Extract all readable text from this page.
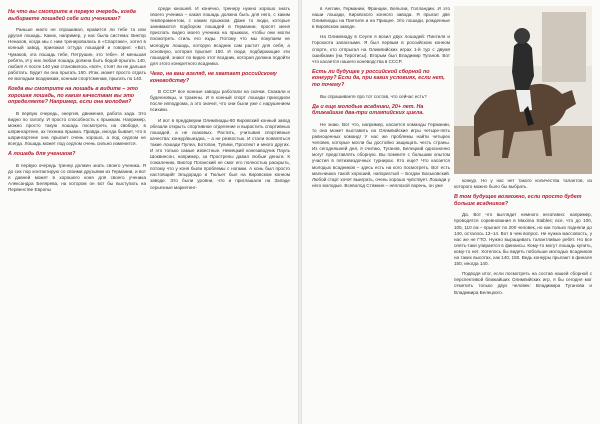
На что вы смотрите в первую очередь, когда выбираете лошадей себе или ученикам?

Раньше никто не спрашивал, нравится ли тебе та или другая лошадь. Каких, например, у нас была система: Виктор Ненахов, когда мы с ним тренировались в «Спартаке», хотел в конный завод, приезжал оттуда лошадей и говорил: «Вот, Чумаков, эта лошадь тебе, Петрушин, это тебе». И меньшая ребята, И у них любая лошадь должна быть бедой прыгать 140, любая! А после 140 уже становилось «всё», стоят ли не дальше работать. Будет ли она прыгать 160. Итак, может просто отдать ее молодым всадникам, конным спортсменам, прыгать по 140.

Когда вы смотрите на лошадь в видите – это хорошая лошадь, по каким качествам вы это определяете? Например, если она молодая?

В первую очередь, энергия, движения, работа зада. Это видно по галопу. И просто способность к прыжкам. Например, можно просто такую лошадь посмотреть на свободе, в шпрингартене, ах техника прыжка. Правда, иногда бывает, что в шпрингартене она прыгает очень хорошо, а под седлом не всегда. Лошадь может под седлом очень сильно изменится.

А лошадь для учеников?

В первую очередь тренер должен знать своего ученика. Я до сих пор контактирую со своими друзьями из Германии, и вот я давней может в хорошего коня для своего ученика Александра Белярева, на котором он вот бы выступать на Первенстве Европы

среди юношей. И конечно, тренеру нужно хорошо знать своего ученика – какая лошадь должна быть для него, с каким темпераментом, с каким прыжком. Даже то люди, которые занимаются подбором лошадей в Германии, просят меня прислать видео моего ученика на прыжках, чтобы они могли посмотреть стиль его езды. Потому что мы покупаем не молодую лошадь, которую всадник сам растит для себя, а основную, которая прыгает 150. И люди, подбирающие эти лошадей, знают по видео этот всадник, которая должна подойти для этого конкретного всадника.

Чего, на ваш взгляд, не хватает российскому коневодству?

В СССР все конные заводы работали на скачки. Скакали и буденновцы, и тракены. И в конный спорт лошади приходили после ипподрома, а это значит, что они были уже с нарушением психики.

И вот в преддверии Олимпиады-80 Кировский конный завод обязали открыть спортивное отделение и вырастить спортивных лошадей, а не скаковых. Растить, учитывая спортивные качества: конкур/выездка, – а не резвостью. И стали появляться такие лошади Пулеа, Ботопан, Тупики, Проспект и много других. И это только самые известные. Немецкий конезаводчик Пауль Шоквинсон, например, за Прострелы давал любые деньги. К сожалению, Виктор Поганский не смог его полностью раскрыть, потому что у коня были проблемы с ногами. А конь был просто настоящий! Эльдорадо и Тюльет был на Кировском конном заводе. Это были уровни, что и приглашали на Западе серьезные маркетинг-

в Англии, Германии, Франции, Бельгии, Голландии. И это наши лошади, Кировского конного завода. Я прыгал две Олимпиады на Пинтиле и на Прищее. Это лошади, рожденные в Кировском заводе.

На Олимпиаду в Сеуле я возил двух лошадей: Пинтиля и Горохкота запасными. Я был первым в российском конном спорте, кто отпрыгал на Олимпийских играх 1-й тур с двумя ошибками (на Тиротисы). Вторым был Владимир Туганов. Вот что касается нашего коневодства в СССР.

Есть ли будущее у российской сборной по конкуру? Если да, при каких условиях, если нет, то почему?

Вы спрашиваете про тот состав, что сейчас есть?

Да и еще молодые всадники, 20+ лет. На ближайшие два-три олимпийских цикла.

Не знаю. Вот что, например, касается команды Германии, то она может выставить на Олимпийские игры четыре-пять равноценных команд! У нас же проблемы найти четырех человек, которые могли бы достойно защищать честь страны. Из сегодняшней дня, я считаю, Туганов, Белецкий однозначно могут представлять сборную. Вы помните с большим опытом участия в пятизвездочных турнирах. Кто еще? Что касается молодых всадников – здесь есть на кого посмотреть. Вот есть мальчишка такой хороший, напористый – Богдан Баськовский. Любой старт хочет выиграть, очень хорошо чувствует. Лошади у него молодые. Всеволод Стяжкин – неплохой парень, он уже

конкур. Но у нас нет такого количества талантов, из которого можно было бы выбрать.

В том будущее возможно, если просто будет больше всадников?

Да. Вот что выглядит немного негативно: например, проводятся соревнования в Maxima Stables; все, что до 100, 105, 110 см – прыгает по 200 человек, но как только подняли до 140, осталось 13–14. Вот в чем вопрос. Не нужна массовость, у нас же не ГТО. Нужно выращивать талантливые ребят. Но все опять-таки упирается в финансы. Кому-то могут лошадь купить, кому-то нет. Хотелось бы видеть побольше молодых всадников на таких высотах, как 140, 150. Ведь конкуры прыгают в финале 150, иногда 140.

Подводя итог, если посмотреть на состав нашей сборной с перспективой ближайших Олимпийских игр, я бы сегодня мог отметить только двух человек: Владимира Туганова и Владимира Белецкого.
